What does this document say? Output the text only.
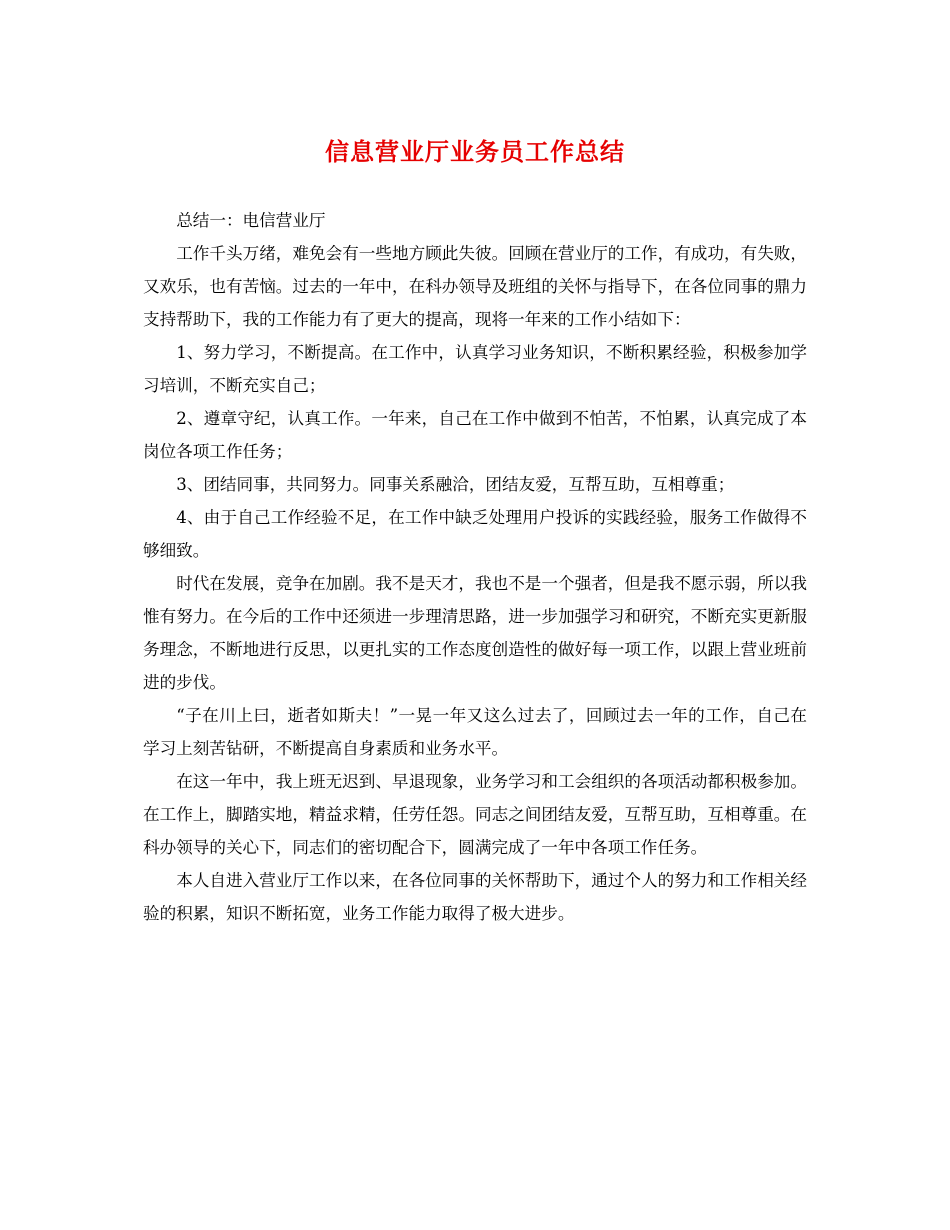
信息营业厅业务员工作总结

总结一：电信营业厅

工作千头万绪，难免会有一些地方顾此失彼。回顾在营业厅的工作，有成功，有失败，又欢乐，也有苦恼。过去的一年中，在科办领导及班组的关怀与指导下，在各位同事的鼎力支持帮助下，我的工作能力有了更大的提高，现将一年来的工作小结如下：

1、努力学习，不断提高。在工作中，认真学习业务知识，不断积累经验，积极参加学习培训，不断充实自己；

2、遵章守纪，认真工作。一年来，自己在工作中做到不怕苦，不怕累，认真完成了本岗位各项工作任务；

3、团结同事，共同努力。同事关系融洽，团结友爱，互帮互助，互相尊重；

4、由于自己工作经验不足，在工作中缺乏处理用户投诉的实践经验，服务工作做得不够细致。

时代在发展，竞争在加剧。我不是天才，我也不是一个强者，但是我不愿示弱，所以我惟有努力。在今后的工作中还须进一步理清思路，进一步加强学习和研究，不断充实更新服务理念，不断地进行反思，以更扎实的工作态度创造性的做好每一项工作，以跟上营业班前进的步伐。

“子在川上曰，逝者如斯夫！”一晃一年又这么过去了，回顾过去一年的工作，自己在学习上刻苦钻研，不断提高自身素质和业务水平。

在这一年中，我上班无迟到、早退现象，业务学习和工会组织的各项活动都积极参加。在工作上，脚踏实地，精益求精，任劳任怨。同志之间团结友爱，互帮互助，互相尊重。在科办领导的关心下，同志们的密切配合下，圆满完成了一年中各项工作任务。

本人自进入营业厅工作以来，在各位同事的关怀帮助下，通过个人的努力和工作相关经验的积累，知识不断拓宽，业务工作能力取得了极大进步。
